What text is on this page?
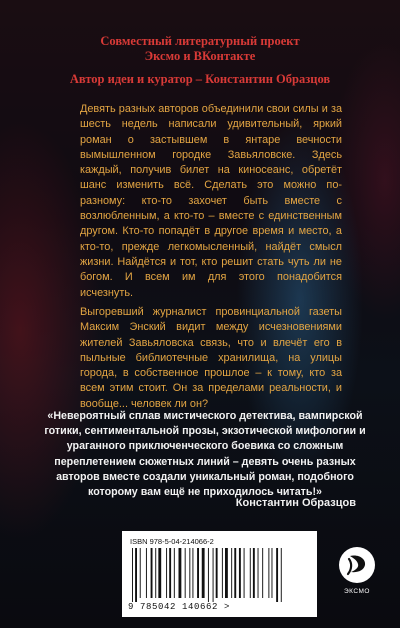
Совместный литературный проект
Эксмо и ВКонтакте
Автор идеи и куратор – Константин Образцов

Девять разных авторов объединили свои силы и за шесть недель написали удивительный, яркий роман о застывшем в янтаре вечности вымышленном городке Завьяловске. Здесь каждый, получив билет на киносеанс, обретёт шанс изменить всё. Сделать это можно по-разному: кто-то захочет быть вместе с возлюбленным, а кто-то – вместе с единственным другом. Кто-то попадёт в другое время и место, а кто-то, прежде легкомысленный, найдёт смысл жизни. Найдётся и тот, кто решит стать чуть ли не богом. И всем им для этого понадобится исчезнуть.

Выгоревший журналист провинциальной газеты Максим Энский видит между исчезновениями жителей Завьяловска связь, что и влечёт его в пыльные библиотечные хранилища, на улицы города, в собственное прошлое – к тому, кто за всем этим стоит. Он за пределами реальности, и вообще... человек ли он?

«Невероятный сплав мистического детектива, вампирской готики, сентиментальной прозы, экзотической мифологии и ураганного приключенческого боевика со сложным переплетением сюжетных линий – девять очень разных авторов вместе создали уникальный роман, подобного которому вам ещё не приходилось читать!»

Константин Образцов
ISBN 978-5-04-214066-2
9 785042 140662 >
ЭКСМО
